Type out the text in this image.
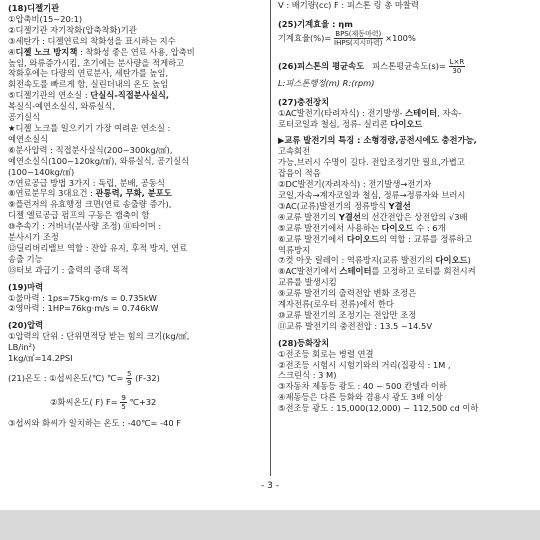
(18)디젤기관
①압축비(15~20:1)
②디젤기관 자기착화(압축착화)기관
③세탄가 : 디젤연료의 착화성을 표시하는 지수
④디젤 노크 방지책 : 착화성 좋은 연료 사용, 압축비
높임, 와류증가시킴, 초기에는 분사량을 적게하고
착화후에는 다량의 연료분사, 세탄가를 높임,
회전속도를 빠르게 함, 실린더내의 온도 높임
⑤디젤기관의 연소실 : 단실식-직접분사실식,
복실식-예연소실식, 와류실식,
공기실식
★디젤 노크를 일으키기 가장 여려운 연소실 :
예연소실식
⑥분사압력 : 직접분사실식(200~300kg/㎠),
예연소실식(100~120kg/㎠), 와류실식, 공기실식
(100~140kg/㎠)
⑦연료공급 방법 3가지 : 독립, 분배, 공동식
⑧연료분무의 3대요건 : 관통력, 무화, 분포도
⑨플런저의 유효행정 크면(연료 송출량 증가),
디젤 엘료공급 펌프의 구동은 캠축이 함
⑩추속기 : 거버너(분사량 조정) ⑪타이머 :
분사시기 조정
⑫딜리버리밸브 역할 : 잔압 유지, 후적 방지, 연료
송출 기능
⑬터보 과급기 : 출력의 증대 목적
(19)마력
①불마력 : 1ps=75kg·m/s = 0.735kW
②영마력 : 1HP=76kg·m/s = 0.746kW
(20)압력
①압력의 단위 : 단위면적당 받는 힘의 크기(kg/㎠,
LB/in²)
1kg/㎠=14.2PSI
(21)온도 : ①섭씨온도(℃) ℃= $\frac{5}{9} (F-32)$
②화씨온도( F) $F= \frac{9}{5}$ ℃+32
③섭씨와 화씨가 일치하는 온도 : -40℃= -40 F
V : 배기량(cc) F : 피스톤 링 총 마찰력
(25)기계효율 : ηm
기계효율(%)= $\frac{\text{BPS(제동마력)}}{\text{IHPS(지시마력)}} \times 100\%$
(26)피스톤의 평균속도 피스톤평균속도$(s)= \frac{L\times R}{30}$
L:피스톤행정(m) R:(rpm)
(27)충전장치
①AC발전기(타려자식) : 전기발생- 스테이터, 자속-
로터코일과 철심, 정류- 실리콘 다이오드
▶교류 발전기의 특징 : 소형경량,공전시에도 충전가능,
고속회전
가능,브러시 수명이 길다. 전압조정기만 필요,가볍고
잡음이 적음
②DC발전기(자려자식) : 전기발생→전기자
코일,자속→계자코일과 철심, 정류→정류자와 브러시
③AC(교류)발전기의 정류방식 Y결선
④교류 발전기의 Y결선의 선간전압은 상전압의 √3배
⑤교류 발전기에서 사용하는 다이오드 수 : 6개
⑥교류 발전기에서 다이오드의 역할 : 교류를 정류하고
역류방지
⑦컷 아웃 릴레이 : 역류방지(교류 발전기의 다이오드)
⑧AC발전기에서 스테이터를 고정하고 로터를 회전시켜
교류를 발생시킴
⑨교류 발전기의 출력전압 변화 조정은
계자전류(로우터 전류)에서 한다
⑩교류 발전기의 조정기는 전압만 조정
⑪교류 발전기의 충전전압 : 13.5 ~14.5V
(28)등화장치
①전조등 회로는 병렬 연결
②전조등 시험시 시험기와의 거리(집광식 : 1M ,
스크린식 : 3 M)
③자동차 제동등 광도 : 40 ~ 500 칸델라 이하
④제동등은 다른 등화와 겸용시 광도 3배 이상
⑤전조등 광도 : 15,000(12,000) ~ 112,500 cd 이하
- 3 -
